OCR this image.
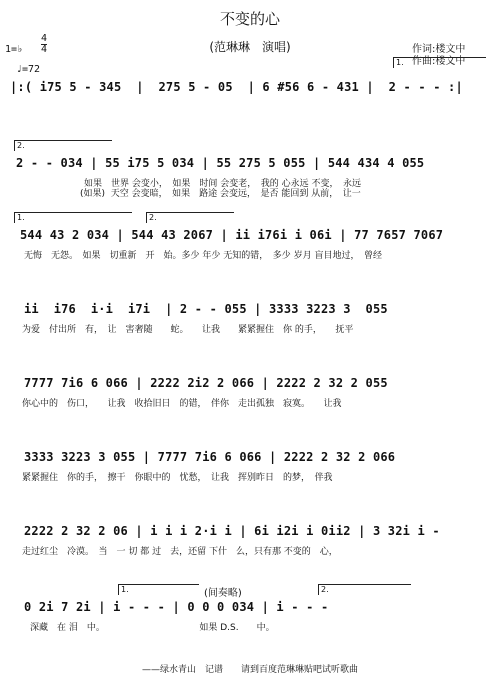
不变的心
(范琳琳　演唱)	作词:楼文中
作曲:楼文中
1=♭
4
4
♩=72
1.
|:( i75 5 - 345  |  275 5 - 05  | 6 #56 6 - 431 |  2 - - - :|
2.
2 - - 034 | 55 i75 5 034 | 55 275 5 055 | 544 434 4 055
如果　世界 会变小，　如果　时间 会变老，　我的 心永远 不变，　永远
(如果)  天空 会变暗，　如果　路途 会变远，　是否 能回到 从前，　让一
1.	2.
544 43 2 034 | 544 43 2067 | ii i76i i 06i | 77 7657 7067
无悔　无怨。　如果　切重新　开　始。多少 年少 无知的错，　多少 岁月 盲目地过，　曾经
ii  i76  i·i  i7i  | 2 - - 055 | 3333 3223 3  055
为爱　付出所　有，　让　害奢随　　蛇。　　让我　　紧紧握住　你 的手，　　抚平
7777 7i6 6 066 | 2222 2i2 2 066 | 2222 2 32 2 055
你心中的　伤口，　　让我　收拾旧日　的错，　伴你　走出孤独　寂寞。　　让我
3333 3223 3 055 | 7777 7i6 6 066 | 2222 2 32 2 066
紧紧握住　你的手，　擦干　你眼中的　忧愁，　让我　挥别昨日　的梦，　伴我
2222 2 32 2 06 | i i i 2·i i | 6i i2i i 0ii2 | 3 32i i -
走过红尘　冷漠。　当　一 切 都 过　去，还留 下什　么，只有那 不变的　心，
1.	(间奏略)	2.
0 2i 7 2i | i - - - | 0 0 0 034 | i - - -
深藏　在 泪　中。　　　　　　　　　　　如果 D.S.　　中。
——绿水青山　记谱　　请到百度范琳琳贴吧试听歌曲
